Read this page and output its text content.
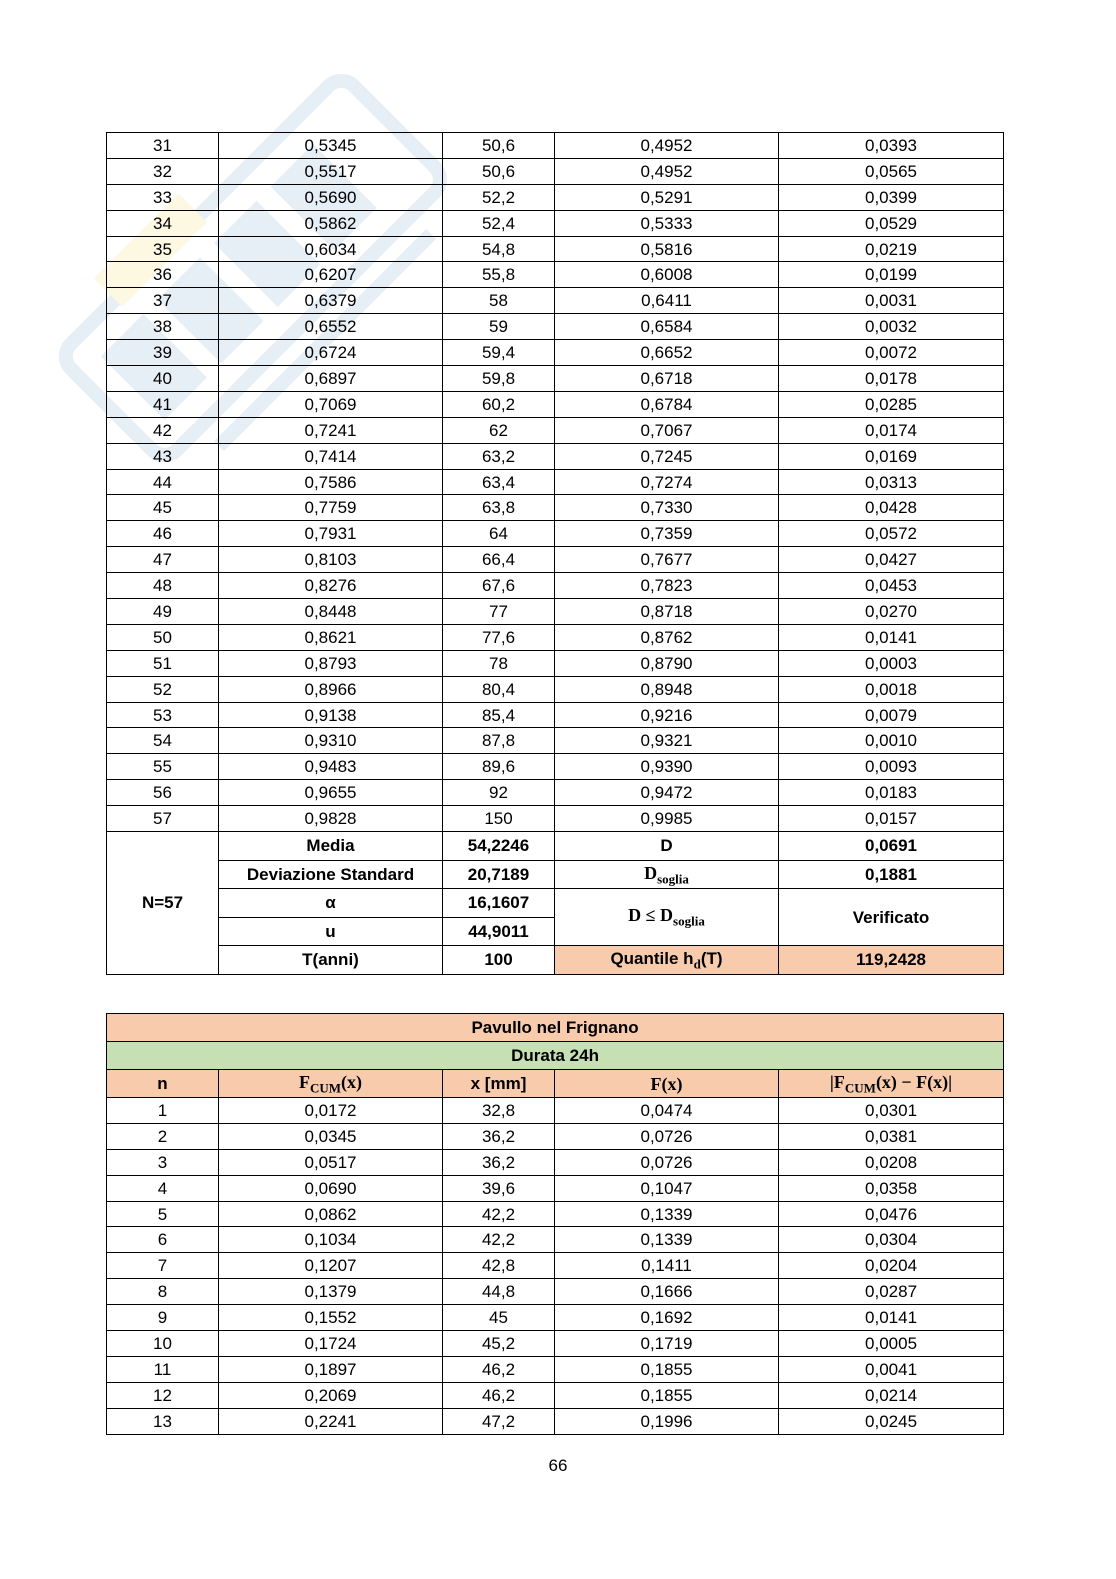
31	0,5345	50,6	0,4952	0,0393
32	0,5517	50,6	0,4952	0,0565
33	0,5690	52,2	0,5291	0,0399
34	0,5862	52,4	0,5333	0,0529
35	0,6034	54,8	0,5816	0,0219
36	0,6207	55,8	0,6008	0,0199
37	0,6379	58	0,6411	0,0031
38	0,6552	59	0,6584	0,0032
39	0,6724	59,4	0,6652	0,0072
40	0,6897	59,8	0,6718	0,0178
41	0,7069	60,2	0,6784	0,0285
42	0,7241	62	0,7067	0,0174
43	0,7414	63,2	0,7245	0,0169
44	0,7586	63,4	0,7274	0,0313
45	0,7759	63,8	0,7330	0,0428
46	0,7931	64	0,7359	0,0572
47	0,8103	66,4	0,7677	0,0427
48	0,8276	67,6	0,7823	0,0453
49	0,8448	77	0,8718	0,0270
50	0,8621	77,6	0,8762	0,0141
51	0,8793	78	0,8790	0,0003
52	0,8966	80,4	0,8948	0,0018
53	0,9138	85,4	0,9216	0,0079
54	0,9310	87,8	0,9321	0,0010
55	0,9483	89,6	0,9390	0,0093
56	0,9655	92	0,9472	0,0183
57	0,9828	150	0,9985	0,0157
N=57	Media	54,2246	D	0,0691
	Deviazione Standard	20,7189	$D_{soglia}$	0,1881
	α	16,1607	$D \le D_{soglia}$	Verificato
	u	44,9011		
	T(anni)	100	Quantile $h_d(T)$	119,2428
Pavullo nel Frignano				
Durata 24h				
n	$F_{CUM}(x)$	x [mm]	F(x)	$|F_{CUM}(x) - F(x)|$
1	0,0172	32,8	0,0474	0,0301
2	0,0345	36,2	0,0726	0,0381
3	0,0517	36,2	0,0726	0,0208
4	0,0690	39,6	0,1047	0,0358
5	0,0862	42,2	0,1339	0,0476
6	0,1034	42,2	0,1339	0,0304
7	0,1207	42,8	0,1411	0,0204
8	0,1379	44,8	0,1666	0,0287
9	0,1552	45	0,1692	0,0141
10	0,1724	45,2	0,1719	0,0005
11	0,1897	46,2	0,1855	0,0041
12	0,2069	46,2	0,1855	0,0214
13	0,2241	47,2	0,1996	0,0245
66
